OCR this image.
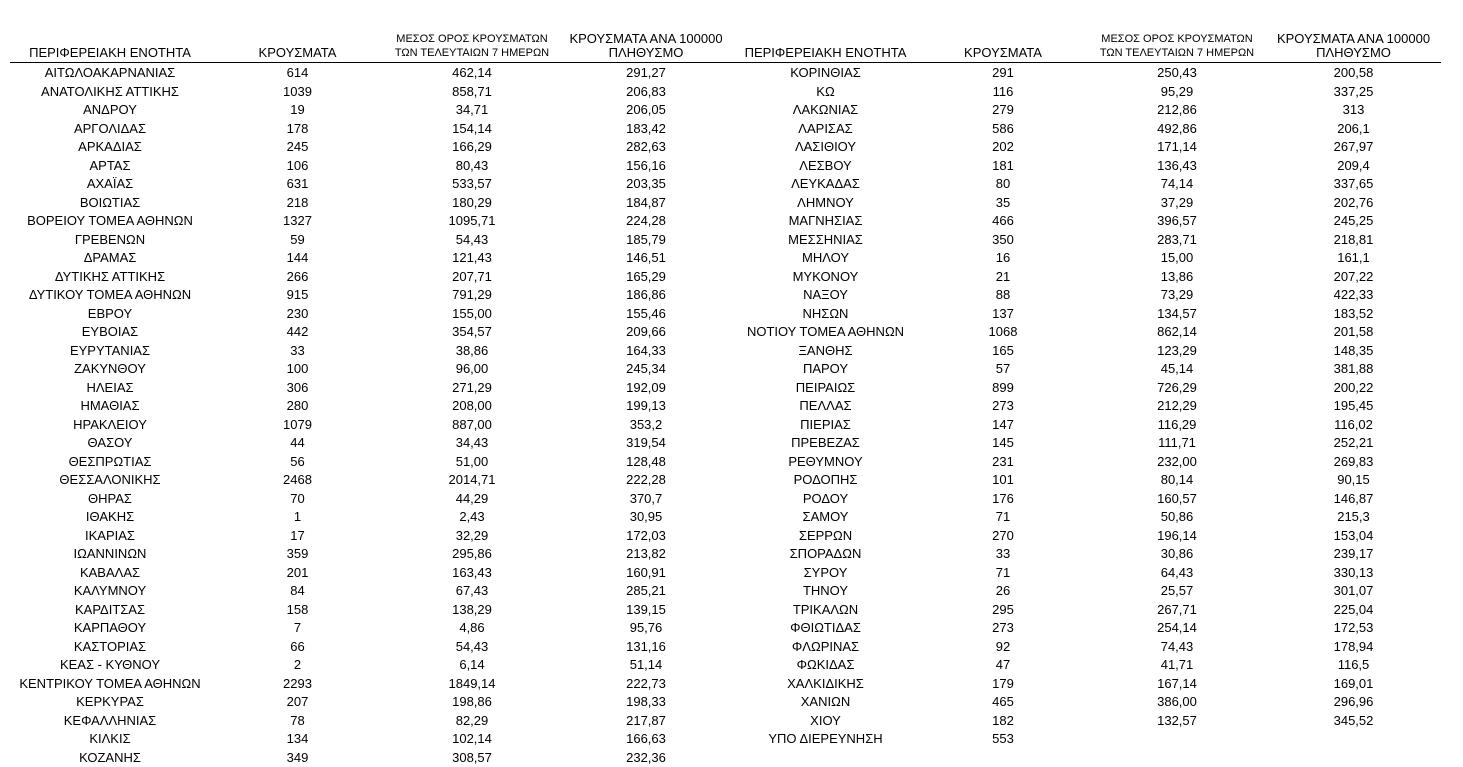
ΠΕΡΙΦΕΡΕΙΑΚΗ ΕΝΟΤΗΤΑ	ΚΡΟΥΣΜΑΤΑ
ΜΕΣΟΣ ΟΡΟΣ ΚΡΟΥΣΜΑΤΩΝ
ΤΩΝ ΤΕΛΕΥΤΑΙΩΝ 7 ΗΜΕΡΩΝ
ΚΡΟΥΣΜΑΤΑ ΑΝΑ 100000
ΠΛΗΘΥΣΜΟ
ΑΙΤΩΛΟΑΚΑΡΝΑΝΙΑΣ	614	462,14	291,27
ΑΝΑΤΟΛΙΚΗΣ ΑΤΤΙΚΗΣ	1039	858,71	206,83
ΑΝΔΡΟΥ	19	34,71	206,05
ΑΡΓΟΛΙΔΑΣ	178	154,14	183,42
ΑΡΚΑΔΙΑΣ	245	166,29	282,63
ΑΡΤΑΣ	106	80,43	156,16
ΑΧΑΪΑΣ	631	533,57	203,35
ΒΟΙΩΤΙΑΣ	218	180,29	184,87
ΒΟΡΕΙΟΥ ΤΟΜΕΑ ΑΘΗΝΩΝ	1327	1095,71	224,28
ΓΡΕΒΕΝΩΝ	59	54,43	185,79
ΔΡΑΜΑΣ	144	121,43	146,51
ΔΥΤΙΚΗΣ ΑΤΤΙΚΗΣ	266	207,71	165,29
ΔΥΤΙΚΟΥ ΤΟΜΕΑ ΑΘΗΝΩΝ	915	791,29	186,86
ΕΒΡΟΥ	230	155,00	155,46
ΕΥΒΟΙΑΣ	442	354,57	209,66
ΕΥΡΥΤΑΝΙΑΣ	33	38,86	164,33
ΖΑΚΥΝΘΟΥ	100	96,00	245,34
ΗΛΕΙΑΣ	306	271,29	192,09
ΗΜΑΘΙΑΣ	280	208,00	199,13
ΗΡΑΚΛΕΙΟΥ	1079	887,00	353,2
ΘΑΣΟΥ	44	34,43	319,54
ΘΕΣΠΡΩΤΙΑΣ	56	51,00	128,48
ΘΕΣΣΑΛΟΝΙΚΗΣ	2468	2014,71	222,28
ΘΗΡΑΣ	70	44,29	370,7
ΙΘΑΚΗΣ	1	2,43	30,95
ΙΚΑΡΙΑΣ	17	32,29	172,03
ΙΩΑΝΝΙΝΩΝ	359	295,86	213,82
ΚΑΒΑΛΑΣ	201	163,43	160,91
ΚΑΛΥΜΝΟΥ	84	67,43	285,21
ΚΑΡΔΙΤΣΑΣ	158	138,29	139,15
ΚΑΡΠΑΘΟΥ	7	4,86	95,76
ΚΑΣΤΟΡΙΑΣ	66	54,43	131,16
ΚΕΑΣ - ΚΥΘΝΟΥ	2	6,14	51,14
ΚΕΝΤΡΙΚΟΥ ΤΟΜΕΑ ΑΘΗΝΩΝ	2293	1849,14	222,73
ΚΕΡΚΥΡΑΣ	207	198,86	198,33
ΚΕΦΑΛΛΗΝΙΑΣ	78	82,29	217,87
ΚΙΛΚΙΣ	134	102,14	166,63
ΚΟΖΑΝΗΣ	349	308,57	232,36
ΠΕΡΙΦΕΡΕΙΑΚΗ ΕΝΟΤΗΤΑ	ΚΡΟΥΣΜΑΤΑ
ΜΕΣΟΣ ΟΡΟΣ ΚΡΟΥΣΜΑΤΩΝ
ΤΩΝ ΤΕΛΕΥΤΑΙΩΝ 7 ΗΜΕΡΩΝ
ΚΡΟΥΣΜΑΤΑ ΑΝΑ 100000
ΠΛΗΘΥΣΜΟ
ΚΟΡΙΝΘΙΑΣ	291	250,43	200,58
ΚΩ	116	95,29	337,25
ΛΑΚΩΝΙΑΣ	279	212,86	313
ΛΑΡΙΣΑΣ	586	492,86	206,1
ΛΑΣΙΘΙΟΥ	202	171,14	267,97
ΛΕΣΒΟΥ	181	136,43	209,4
ΛΕΥΚΑΔΑΣ	80	74,14	337,65
ΛΗΜΝΟΥ	35	37,29	202,76
ΜΑΓΝΗΣΙΑΣ	466	396,57	245,25
ΜΕΣΣΗΝΙΑΣ	350	283,71	218,81
ΜΗΛΟΥ	16	15,00	161,1
ΜΥΚΟΝΟΥ	21	13,86	207,22
ΝΑΞΟΥ	88	73,29	422,33
ΝΗΣΩΝ	137	134,57	183,52
ΝΟΤΙΟΥ ΤΟΜΕΑ ΑΘΗΝΩΝ	1068	862,14	201,58
ΞΑΝΘΗΣ	165	123,29	148,35
ΠΑΡΟΥ	57	45,14	381,88
ΠΕΙΡΑΙΩΣ	899	726,29	200,22
ΠΕΛΛΑΣ	273	212,29	195,45
ΠΙΕΡΙΑΣ	147	116,29	116,02
ΠΡΕΒΕΖΑΣ	145	111,71	252,21
ΡΕΘΥΜΝΟΥ	231	232,00	269,83
ΡΟΔΟΠΗΣ	101	80,14	90,15
ΡΟΔΟΥ	176	160,57	146,87
ΣΑΜΟΥ	71	50,86	215,3
ΣΕΡΡΩΝ	270	196,14	153,04
ΣΠΟΡΑΔΩΝ	33	30,86	239,17
ΣΥΡΟΥ	71	64,43	330,13
ΤΗΝΟΥ	26	25,57	301,07
ΤΡΙΚΑΛΩΝ	295	267,71	225,04
ΦΘΙΩΤΙΔΑΣ	273	254,14	172,53
ΦΛΩΡΙΝΑΣ	92	74,43	178,94
ΦΩΚΙΔΑΣ	47	41,71	116,5
ΧΑΛΚΙΔΙΚΗΣ	179	167,14	169,01
ΧΑΝΙΩΝ	465	386,00	296,96
ΧΙΟΥ	182	132,57	345,52
ΥΠΟ ΔΙΕΡΕΥΝΗΣΗ	553
